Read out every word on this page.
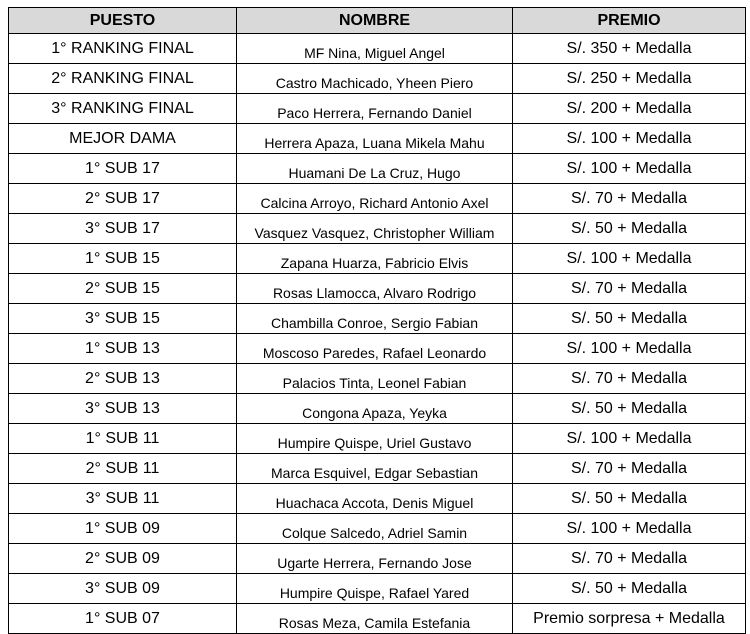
PUESTO	NOMBRE	PREMIO
1° RANKING FINAL	MF Nina, Miguel Angel	S/. 350 + Medalla
2° RANKING FINAL	Castro Machicado, Yheen Piero	S/. 250 + Medalla
3° RANKING FINAL	Paco Herrera, Fernando Daniel	S/. 200 + Medalla
MEJOR DAMA	Herrera Apaza, Luana Mikela Mahu	S/. 100 + Medalla
1° SUB 17	Huamani De La Cruz, Hugo	S/. 100 + Medalla
2° SUB 17	Calcina Arroyo, Richard Antonio Axel	S/. 70 + Medalla
3° SUB 17	Vasquez Vasquez, Christopher William	S/. 50 + Medalla
1° SUB 15	Zapana Huarza, Fabricio Elvis	S/. 100 + Medalla
2° SUB 15	Rosas Llamocca, Alvaro Rodrigo	S/. 70 + Medalla
3° SUB 15	Chambilla Conroe, Sergio Fabian	S/. 50 + Medalla
1° SUB 13	Moscoso Paredes, Rafael Leonardo	S/. 100 + Medalla
2° SUB 13	Palacios Tinta, Leonel Fabian	S/. 70 + Medalla
3° SUB 13	Congona Apaza, Yeyka	S/. 50 + Medalla
1° SUB 11	Humpire Quispe, Uriel Gustavo	S/. 100 + Medalla
2° SUB 11	Marca Esquivel, Edgar Sebastian	S/. 70 + Medalla
3° SUB 11	Huachaca Accota, Denis Miguel	S/. 50 + Medalla
1° SUB 09	Colque Salcedo, Adriel Samin	S/. 100 + Medalla
2° SUB 09	Ugarte Herrera, Fernando Jose	S/. 70 + Medalla
3° SUB 09	Humpire Quispe, Rafael Yared	S/. 50 + Medalla
1° SUB 07	Rosas Meza, Camila Estefania	Premio sorpresa + Medalla
